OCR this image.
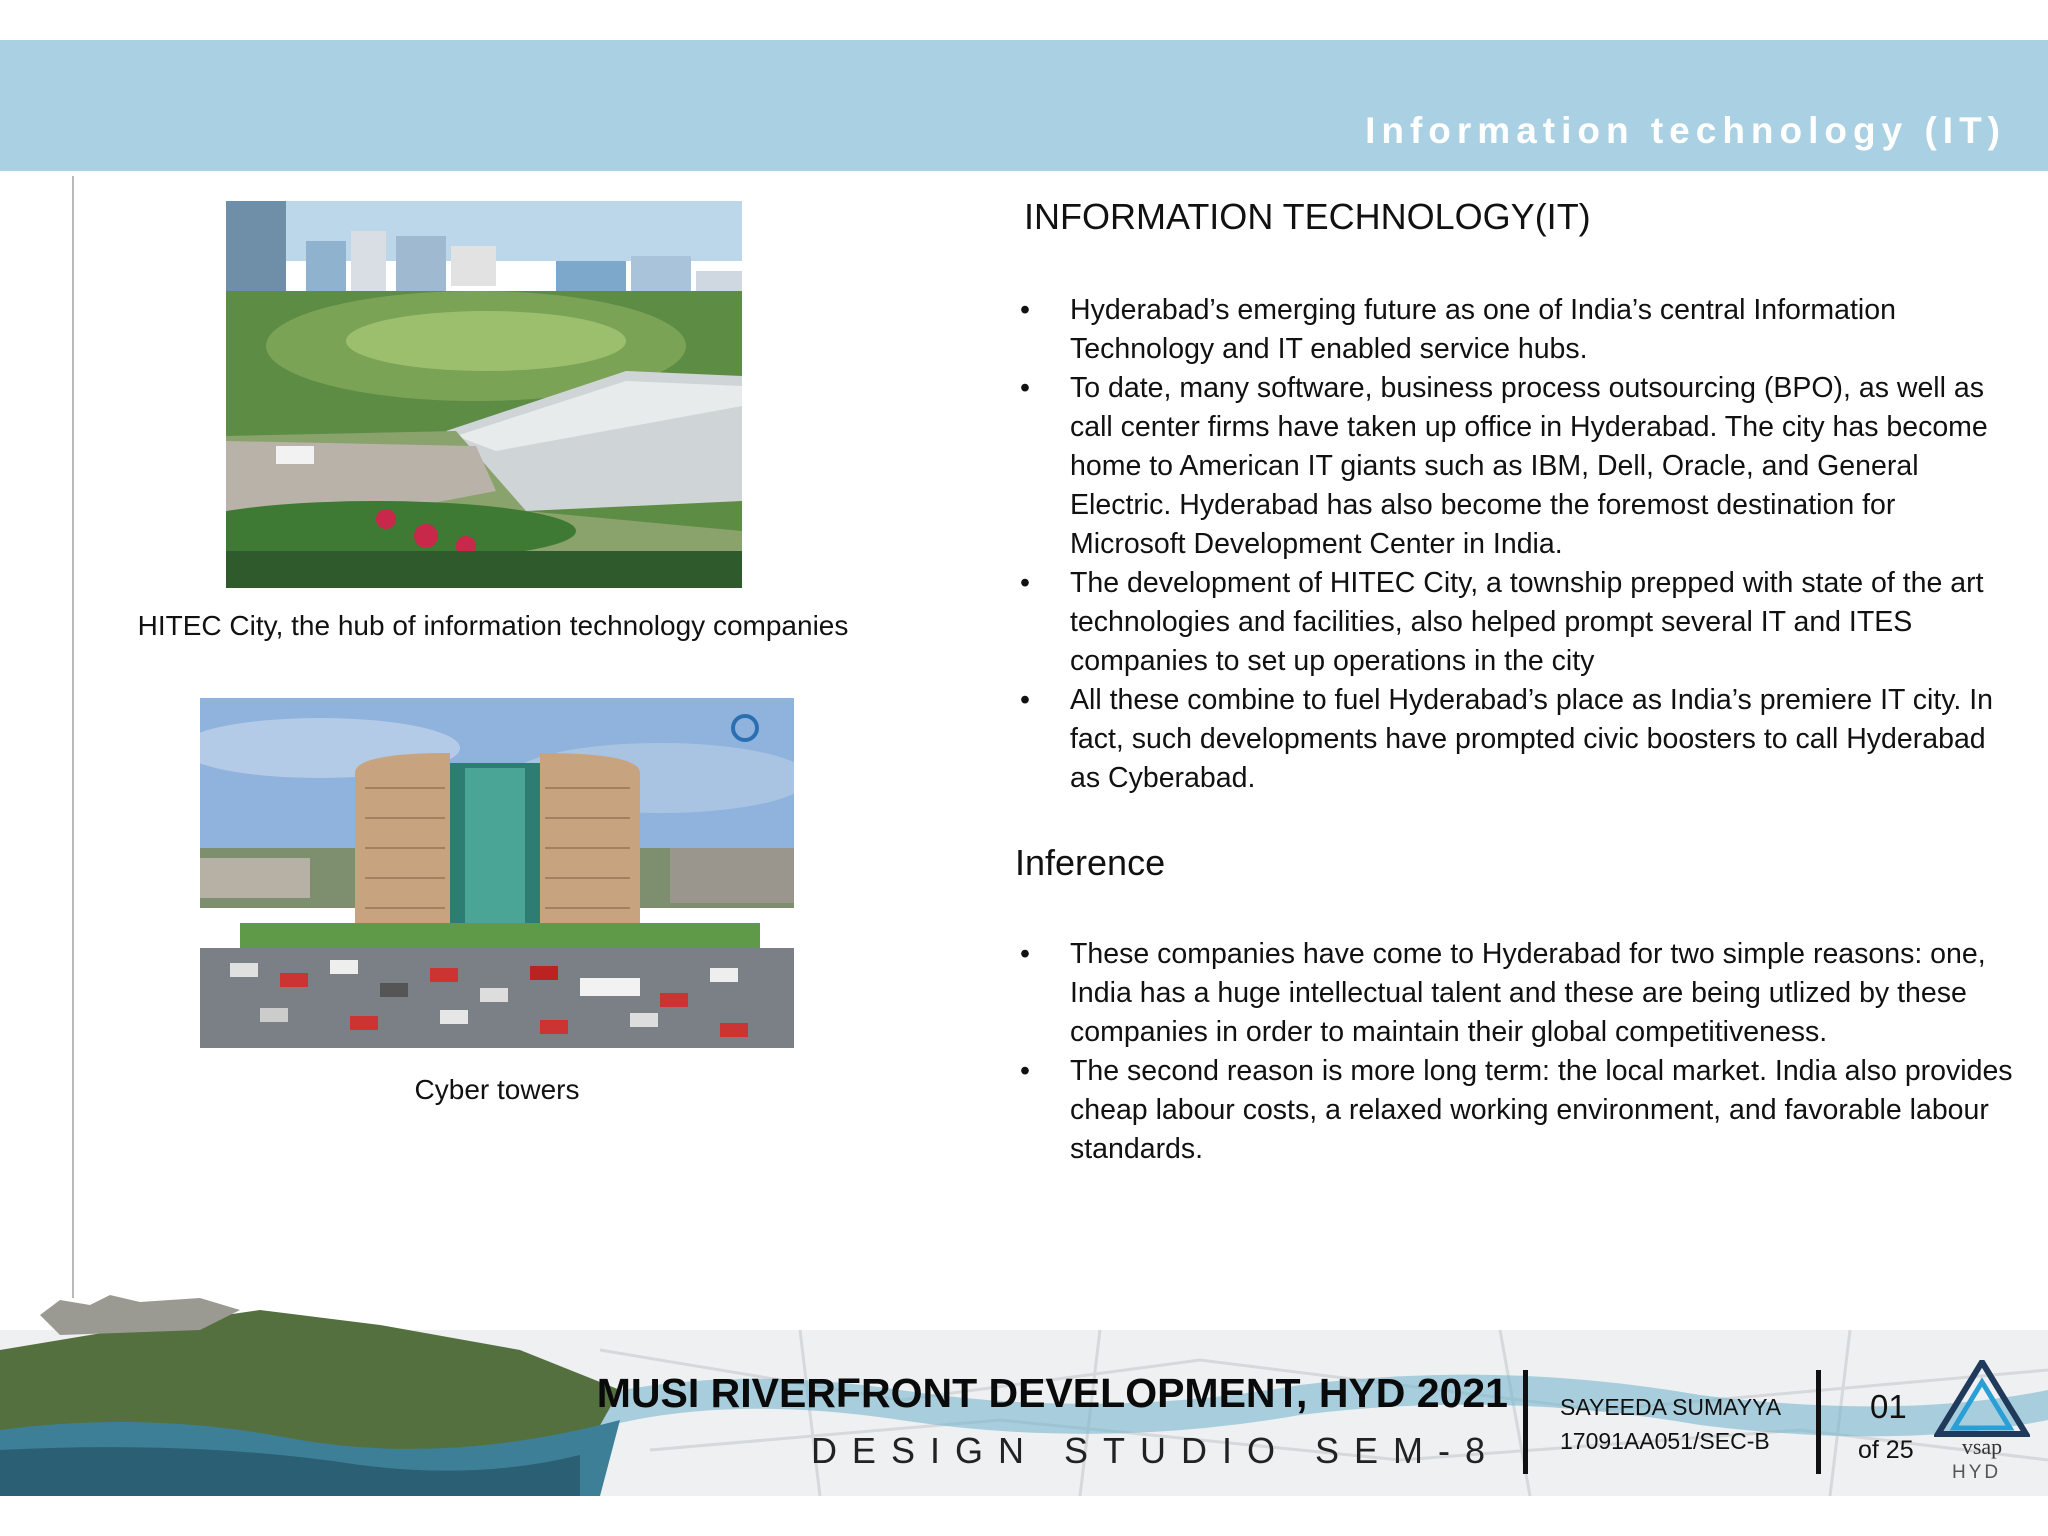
Information technology (IT)
HITEC City, the hub of information technology companies
Cyber towers
INFORMATION TECHNOLOGY(IT)
• Hyderabad’s emerging future as one of India’s central Information Technology and IT enabled service hubs.
• To date, many software, business process outsourcing (BPO), as well as call center firms have taken up office in Hyderabad. The city has become home to American IT giants such as IBM, Dell, Oracle, and General Electric. Hyderabad has also become the foremost destination for Microsoft Development Center in India.
• The development of HITEC City, a township prepped with state of the art technologies and facilities, also helped prompt several IT and ITES companies to set up operations in the city
• All these combine to fuel Hyderabad’s place as India’s premiere IT city. In fact, such developments have prompted civic boosters to call Hyderabad as Cyberabad.
Inference
• These companies have come to Hyderabad for two simple reasons: one, India has a huge intellectual talent and these are being utlized by these companies in order to maintain their global competitiveness.
• The second reason is more long term: the local market. India also provides cheap labour costs, a relaxed working environment, and favorable labour standards.
MUSI RIVERFRONT DEVELOPMENT, HYD 2021
DESIGN STUDIO SEM-8
SAYEEDA SUMAYYA
17091AA051/SEC-B
01
of 25 vsap
HYD
